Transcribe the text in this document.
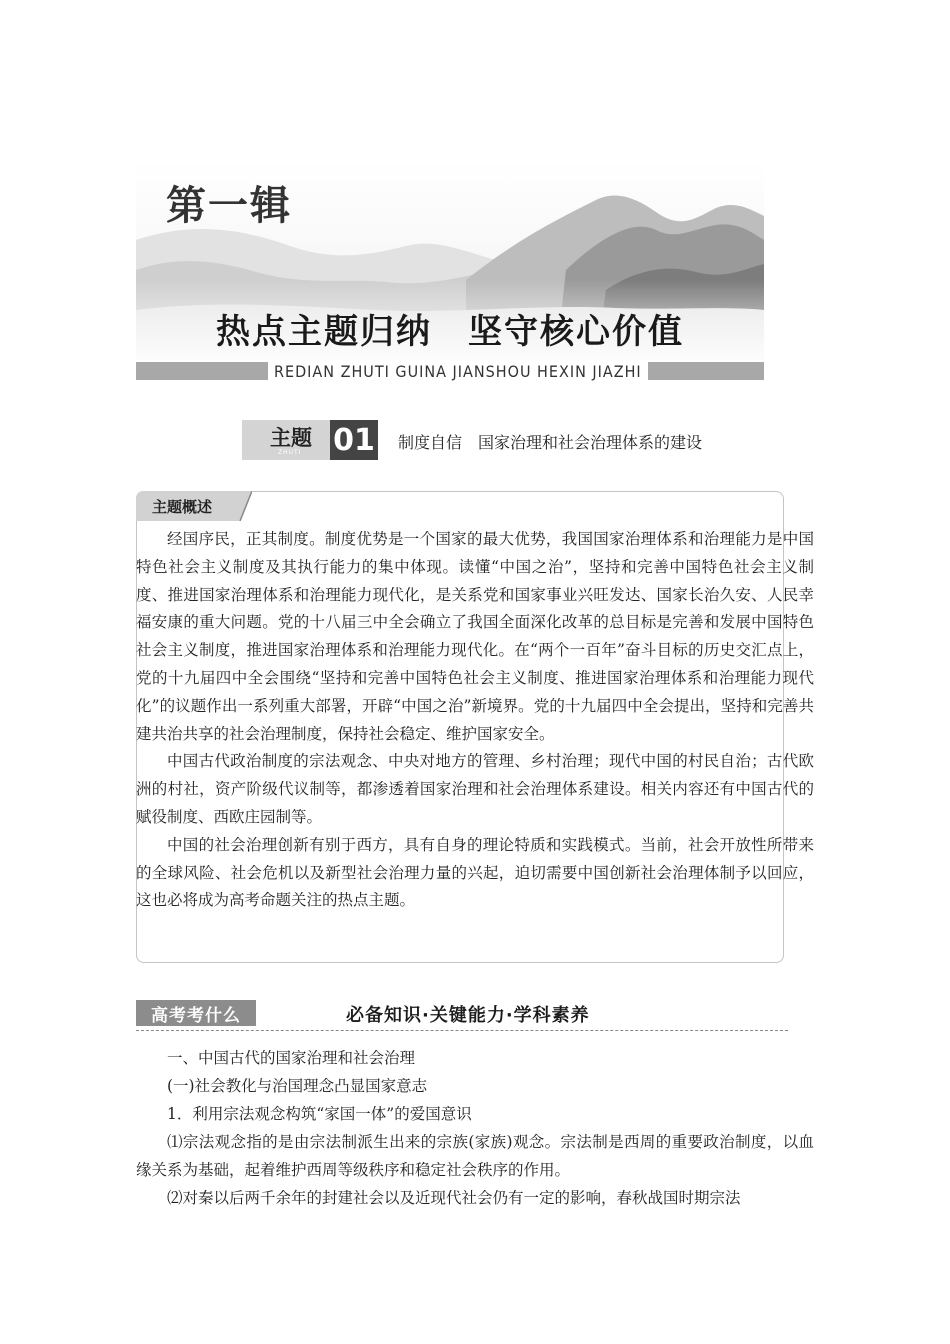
第一辑
热点主题归纳　坚守核心价值
REDIAN ZHUTI GUINA JIANSHOU HEXIN JIAZHI
主题
ZHUTI 01 制度自信　国家治理和社会治理体系的建设
主题概述

经国序民，正其制度。制度优势是一个国家的最大优势，我国国家治理体系和治理能力是中国特色社会主义制度及其执行能力的集中体现。读懂“中国之治”，坚持和完善中国特色社会主义制度、推进国家治理体系和治理能力现代化，是关系党和国家事业兴旺发达、国家长治久安、人民幸福安康的重大问题。党的十八届三中全会确立了我国全面深化改革的总目标是完善和发展中国特色社会主义制度，推进国家治理体系和治理能力现代化。在“两个一百年”奋斗目标的历史交汇点上，党的十九届四中全会围绕“坚持和完善中国特色社会主义制度、推进国家治理体系和治理能力现代化”的议题作出一系列重大部署，开辟“中国之治”新境界。党的十九届四中全会提出，坚持和完善共建共治共享的社会治理制度，保持社会稳定、维护国家安全。

中国古代政治制度的宗法观念、中央对地方的管理、乡村治理；现代中国的村民自治；古代欧洲的村社，资产阶级代议制等，都渗透着国家治理和社会治理体系建设。相关内容还有中国古代的赋役制度、西欧庄园制等。

中国的社会治理创新有别于西方，具有自身的理论特质和实践模式。当前，社会开放性所带来的全球风险、社会危机以及新型社会治理力量的兴起，迫切需要中国创新社会治理体制予以回应，这也必将成为高考命题关注的热点主题。

高考考什么	必备知识·关键能力·学科素养

一、中国古代的国家治理和社会治理

(一)社会教化与治国理念凸显国家意志

1．利用宗法观念构筑“家国一体”的爱国意识

⑴宗法观念指的是由宗法制派生出来的宗族(家族)观念。宗法制是西周的重要政治制度，以血缘关系为基础，起着维护西周等级秩序和稳定社会秩序的作用。

⑵对秦以后两千余年的封建社会以及近现代社会仍有一定的影响，春秋战国时期宗法
